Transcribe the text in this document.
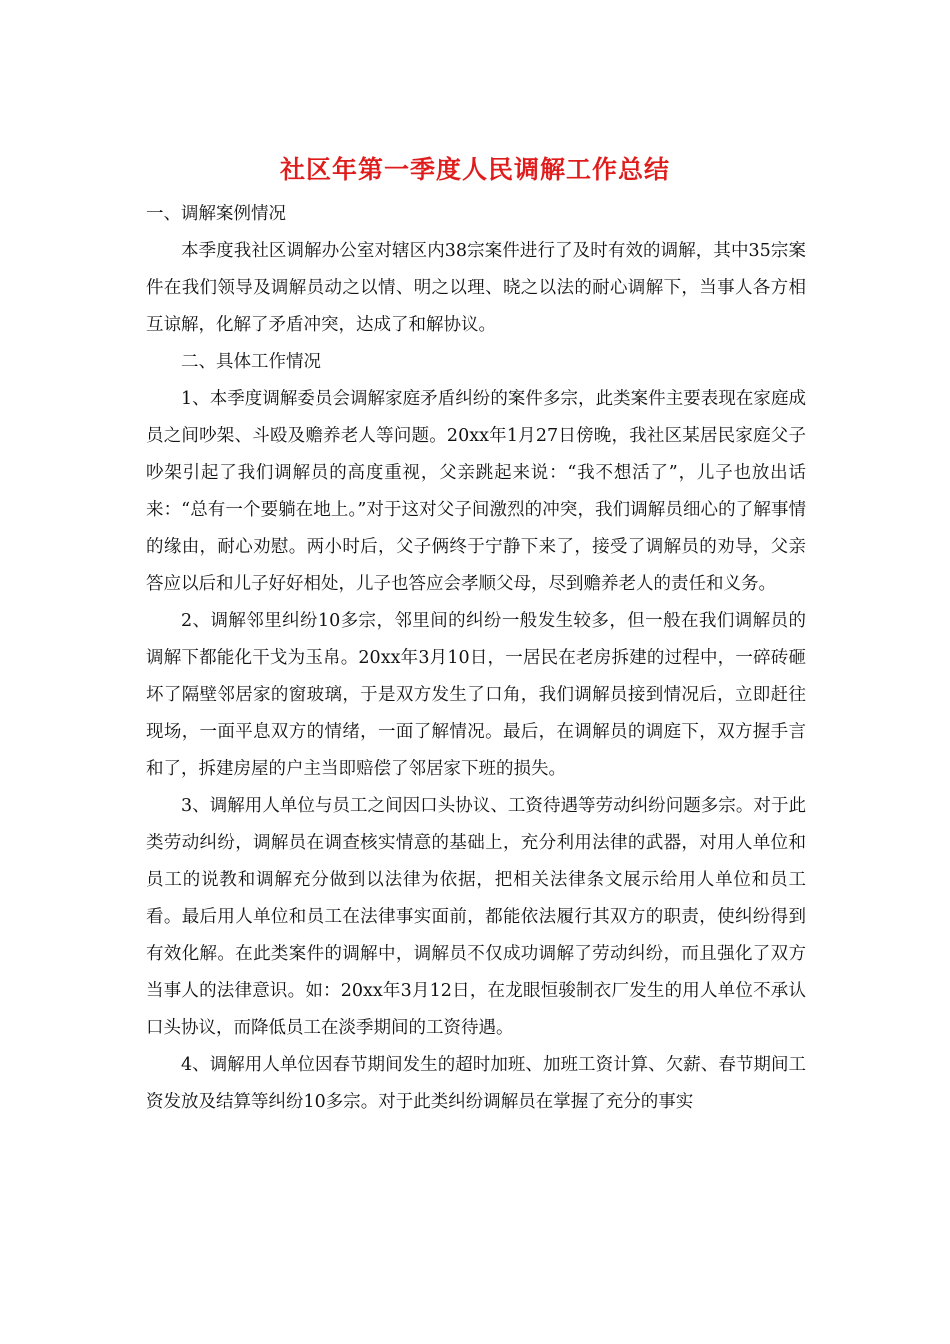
社区年第一季度人民调解工作总结

一、调解案例情况

本季度我社区调解办公室对辖区内38宗案件进行了及时有效的调解，其中35宗案件在我们领导及调解员动之以情、明之以理、晓之以法的耐心调解下，当事人各方相互谅解，化解了矛盾冲突，达成了和解协议。

二、具体工作情况

1、本季度调解委员会调解家庭矛盾纠纷的案件多宗，此类案件主要表现在家庭成员之间吵架、斗殴及赡养老人等问题。20xx年1月27日傍晚，我社区某居民家庭父子吵架引起了我们调解员的高度重视，父亲跳起来说：“我不想活了”，儿子也放出话来：“总有一个要躺在地上。”对于这对父子间激烈的冲突，我们调解员细心的了解事情的缘由，耐心劝慰。两小时后，父子俩终于宁静下来了，接受了调解员的劝导，父亲答应以后和儿子好好相处，儿子也答应会孝顺父母，尽到赡养老人的责任和义务。

2、调解邻里纠纷10多宗，邻里间的纠纷一般发生较多，但一般在我们调解员的调解下都能化干戈为玉帛。20xx年3月10日，一居民在老房拆建的过程中，一碎砖砸坏了隔壁邻居家的窗玻璃，于是双方发生了口角，我们调解员接到情况后，立即赶往现场，一面平息双方的情绪，一面了解情况。最后，在调解员的调庭下，双方握手言和了，拆建房屋的户主当即赔偿了邻居家下班的损失。

3、调解用人单位与员工之间因口头协议、工资待遇等劳动纠纷问题多宗。对于此类劳动纠纷，调解员在调查核实情意的基础上，充分利用法律的武器，对用人单位和员工的说教和调解充分做到以法律为依据，把相关法律条文展示给用人单位和员工看。最后用人单位和员工在法律事实面前，都能依法履行其双方的职责，使纠纷得到有效化解。在此类案件的调解中，调解员不仅成功调解了劳动纠纷，而且强化了双方当事人的法律意识。如：20xx年3月12日，在龙眼恒骏制衣厂发生的用人单位不承认口头协议，而降低员工在淡季期间的工资待遇。

4、调解用人单位因春节期间发生的超时加班、加班工资计算、欠薪、春节期间工资发放及结算等纠纷10多宗。对于此类纠纷调解员在掌握了充分的事实
